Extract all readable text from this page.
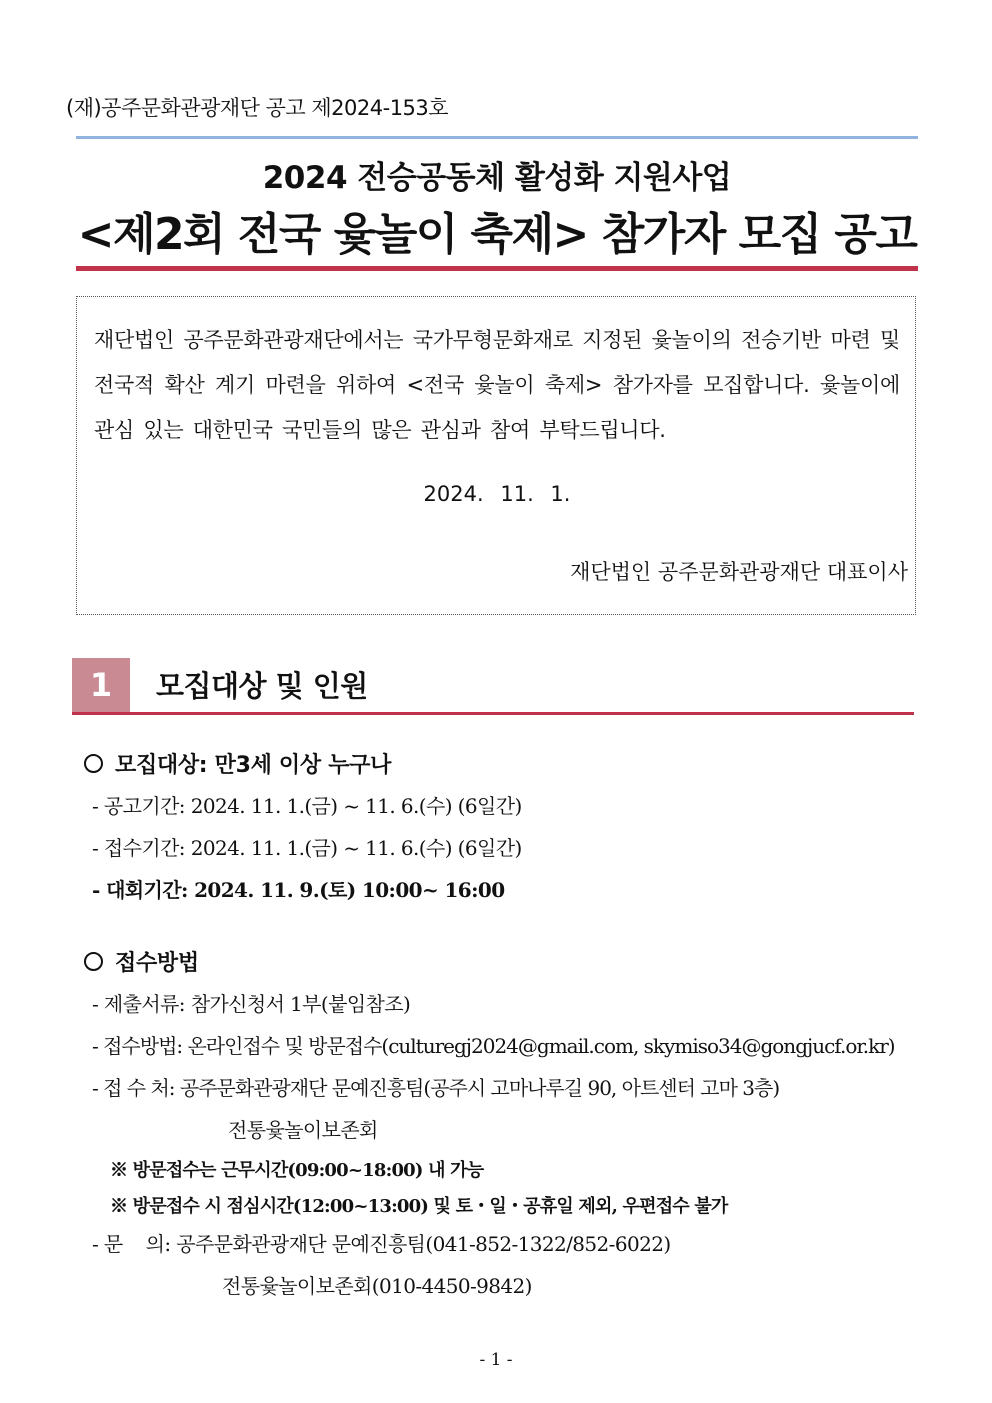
(재)공주문화관광재단 공고 제2024-153호
2024 전승공동체 활성화 지원사업
<제2회 전국 윷놀이 축제> 참가자 모집 공고
재단법인 공주문화관광재단에서는 국가무형문화재로 지정된 윷놀이의 전승기반 마련 및 전국적 확산 계기 마련을 위하여 <전국 윷놀이 축제> 참가자를 모집합니다. 윷놀이에 관심 있는 대한민국 국민들의 많은 관심과 참여 부탁드립니다.
2024. 11. 1.
재단법인 공주문화관광재단 대표이사
1	모집대상 및 인원
모집대상: 만3세 이상 누구나
- 공고기간: 2024. 11. 1.(금) ~ 11. 6.(수) (6일간)
- 접수기간: 2024. 11. 1.(금) ~ 11. 6.(수) (6일간)
- 대회기간: 2024. 11. 9.(토) 10:00~ 16:00
접수방법
- 제출서류: 참가신청서 1부(붙임참조)
- 접수방법: 온라인접수 및 방문접수(culturegj2024@gmail.com, skymiso34@gongjucf.or.kr)
- 접 수 처: 공주문화관광재단 문예진흥팀(공주시 고마나루길 90, 아트센터 고마 3층)
전통윷놀이보존회
※ 방문접수는 근무시간(09:00~18:00) 내 가능
※ 방문접수 시 점심시간(12:00~13:00) 및 토・일・공휴일 제외, 우편접수 불가
- 문    의: 공주문화관광재단 문예진흥팀(041-852-1322/852-6022)
전통윷놀이보존회(010-4450-9842)
- 1 -
